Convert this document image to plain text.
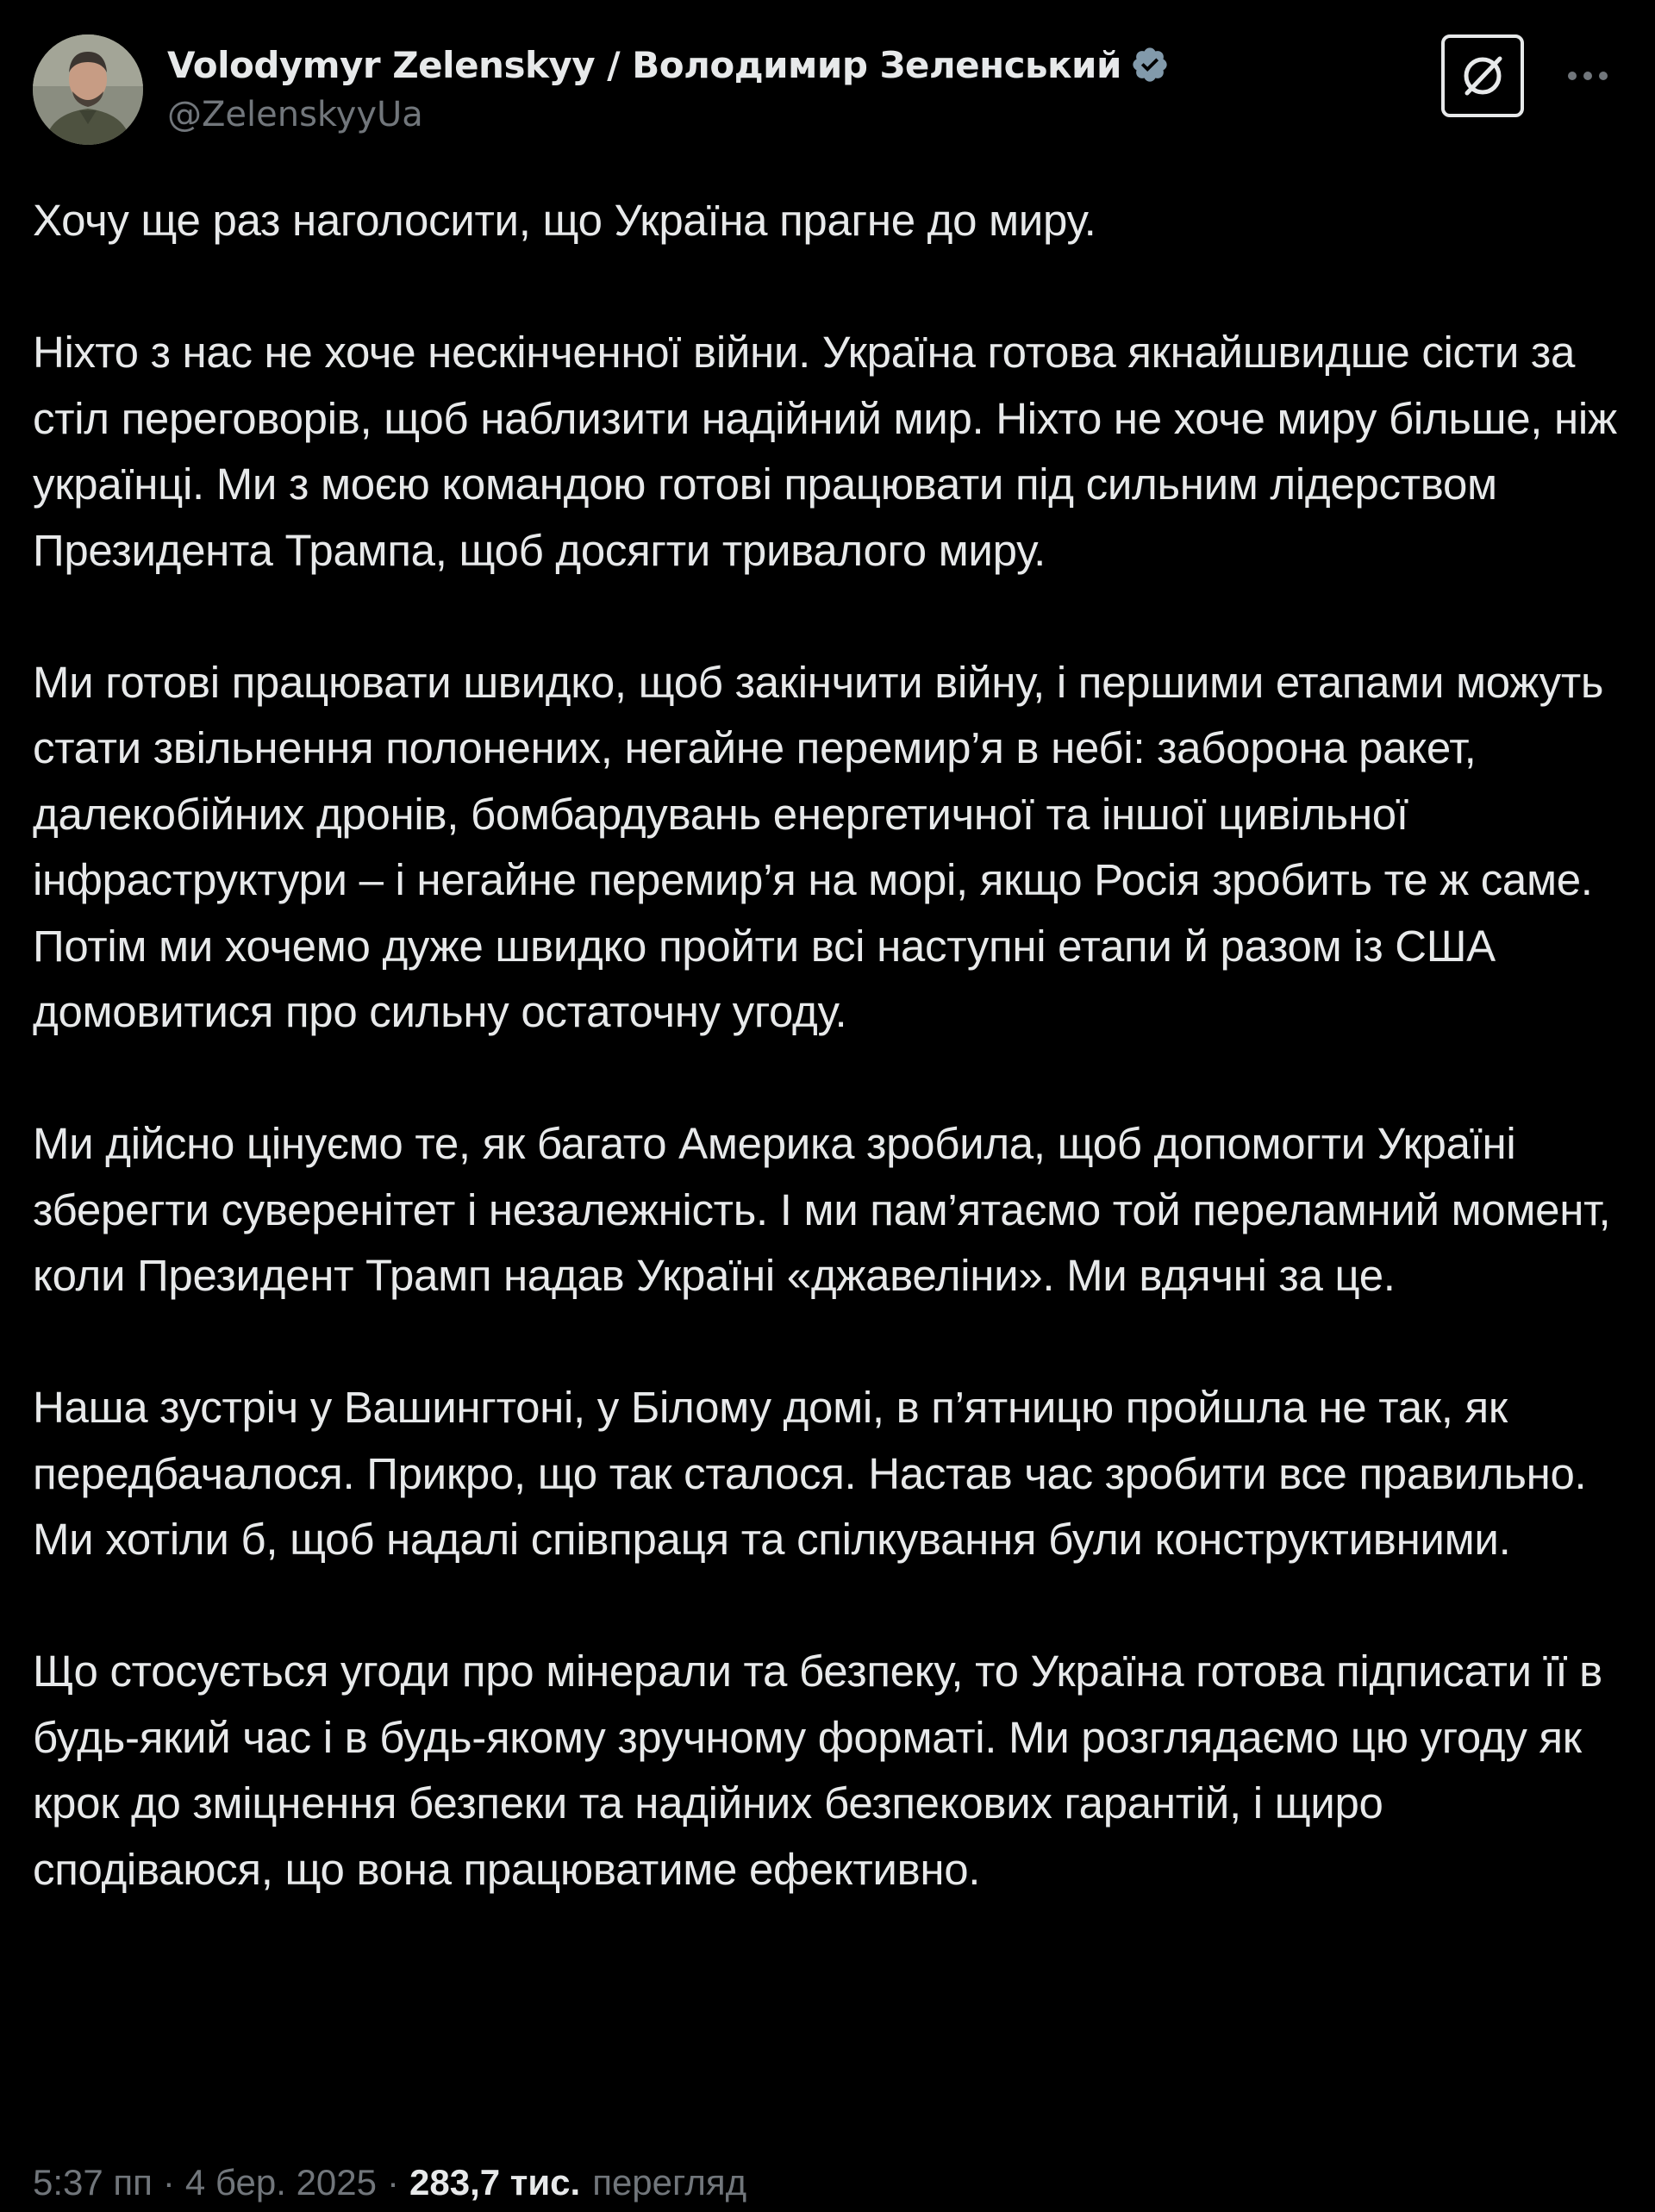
Volodymyr Zelenskyy / Володимир Зеленський
@ZelenskyyUa

Хочу ще раз наголосити, що Україна прагне до миру.

Ніхто з нас не хоче нескінченної війни. Україна готова якнайшвидше сісти за стіл переговорів, щоб наблизити надійний мир. Ніхто не хоче миру більше, ніж українці. Ми з моєю командою готові працювати під сильним лідерством Президента Трампа, щоб досягти тривалого миру.

Ми готові працювати швидко, щоб закінчити війну, і першими етапами можуть стати звільнення полонених, негайне перемир’я в небі: заборона ракет, далекобійних дронів, бомбардувань енергетичної та іншої цивільної інфраструктури – і негайне перемир’я на морі, якщо Росія зробить те ж саме. Потім ми хочемо дуже швидко пройти всі наступні етапи й разом із США домовитися про сильну остаточну угоду.

Ми дійсно цінуємо те, як багато Америка зробила, щоб допомогти Україні зберегти суверенітет і незалежність. І ми пам’ятаємо той переламний момент, коли Президент Трамп надав Україні «джавеліни». Ми вдячні за це.

Наша зустріч у Вашингтоні, у Білому домі, в п’ятницю пройшла не так, як передбачалося. Прикро, що так сталося. Настав час зробити все правильно. Ми хотіли б, щоб надалі співпраця та спілкування були конструктивними.

Що стосується угоди про мінерали та безпеку, то Україна готова підписати її в будь-який час і в будь-якому зручному форматі. Ми розглядаємо цю угоду як крок до зміцнення безпеки та надійних безпекових гарантій, і щиро сподіваюся, що вона працюватиме ефективно.

5:37 пп · 4 бер. 2025 · 283,7 тис. перегляд
